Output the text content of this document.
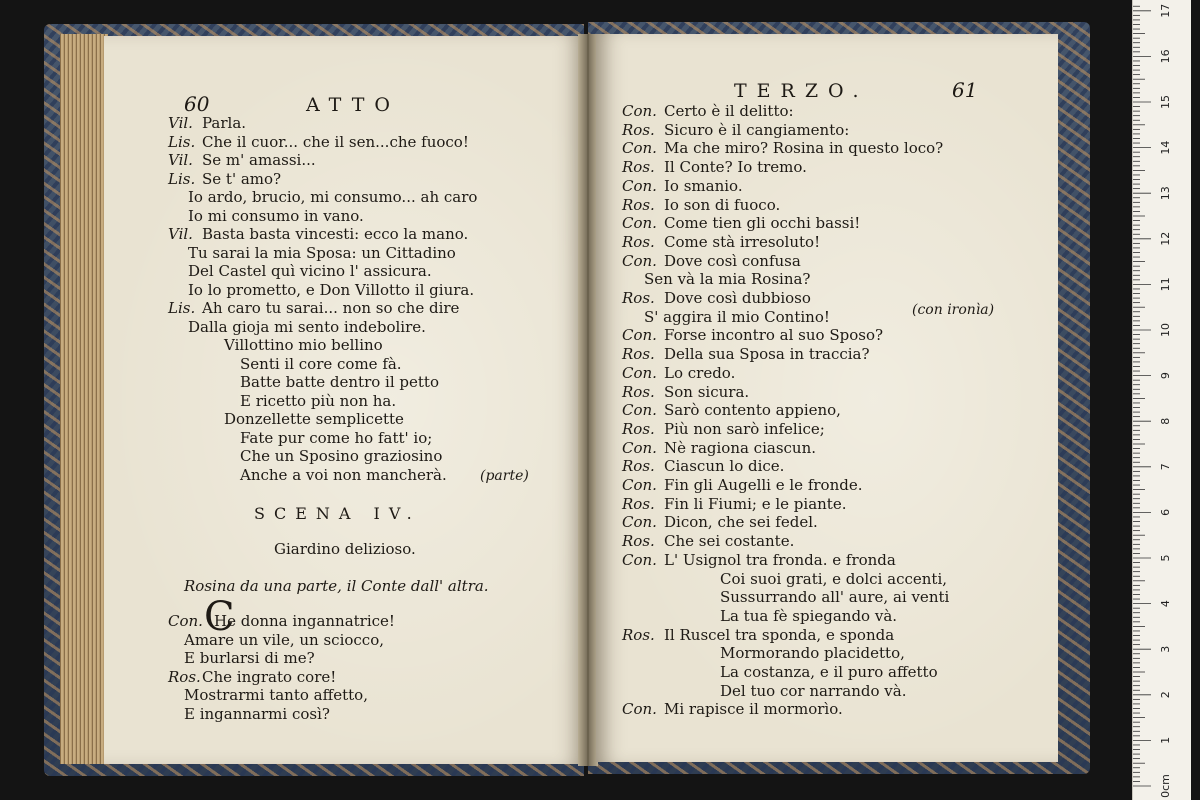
60	ATTO
Vil. Parla.
Lis. Che il cuor... che il sen...che fuoco!
Vil. Se m' amassi...
Lis. Se t' amo?
Io ardo, brucio, mi consumo... ah caro
Io mi consumo in vano.
Vil. Basta basta vincesti: ecco la mano.
Tu sarai la mia Sposa: un Cittadino
Del Castel quì vicino l' assicura.
Io lo prometto, e Don Villotto il giura.
Lis. Ah caro tu sarai... non so che dire
Dalla gioja mi sento indebolire.
Villottino mio bellino
Senti il core come fà.
Batte batte dentro il petto
E ricetto più non ha.
Donzellette semplicette
Fate pur come ho fatt' io;
Che un Sposino graziosino
Anche a voi non mancherà. (parte)
SCENA IV.
Giardino delizioso.
Rosina da una parte, il Conte dall' altra.
C
Con. He donna ingannatrice!
Amare un vile, un sciocco,
E burlarsi di me?
Ros.Che ingrato core!
Mostrarmi tanto affetto,
E ingannarmi così?
TERZO.	61
Con. Certo è il delitto:
Ros. Sicuro è il cangiamento:
Con. Ma che miro? Rosina in questo loco?
Ros. Il Conte? Io tremo.
Con. Io smanio.
Ros. Io son di fuoco.
Con. Come tien gli occhi bassi!
Ros. Come stà irresoluto!
Con. Dove così confusa
Sen và la mia Rosina?
Ros. Dove così dubbioso
S' aggira il mio Contino!
Con. Forse incontro al suo Sposo?
Ros. Della sua Sposa in traccia?
Con. Lo credo.
Ros. Son sicura.
Con. Sarò contento appieno,
Ros. Più non sarò infelice;
Con. Nè ragiona ciascun.
Ros. Ciascun lo dice.
Con. Fin gli Augelli e le fronde.
Ros. Fin li Fiumi; e le piante.
Con. Dicon, che sei fedel.
Ros. Che sei costante.
Con. L' Usignol tra fronda. e fronda
Coi suoi grati, e dolci accenti,
Sussurrando all' aure, ai venti
La tua fè spiegando và.
Ros. Il Ruscel tra sponda, e sponda
Mormorando placidetto,
La costanza, e il puro affetto
Del tuo cor narrando và.
Con. Mi rapisce il mormorìo.
(con ironìa)
0cm
1
2
3
4
5
6
7
8
9
10
11
12
13
14
15
16
17
